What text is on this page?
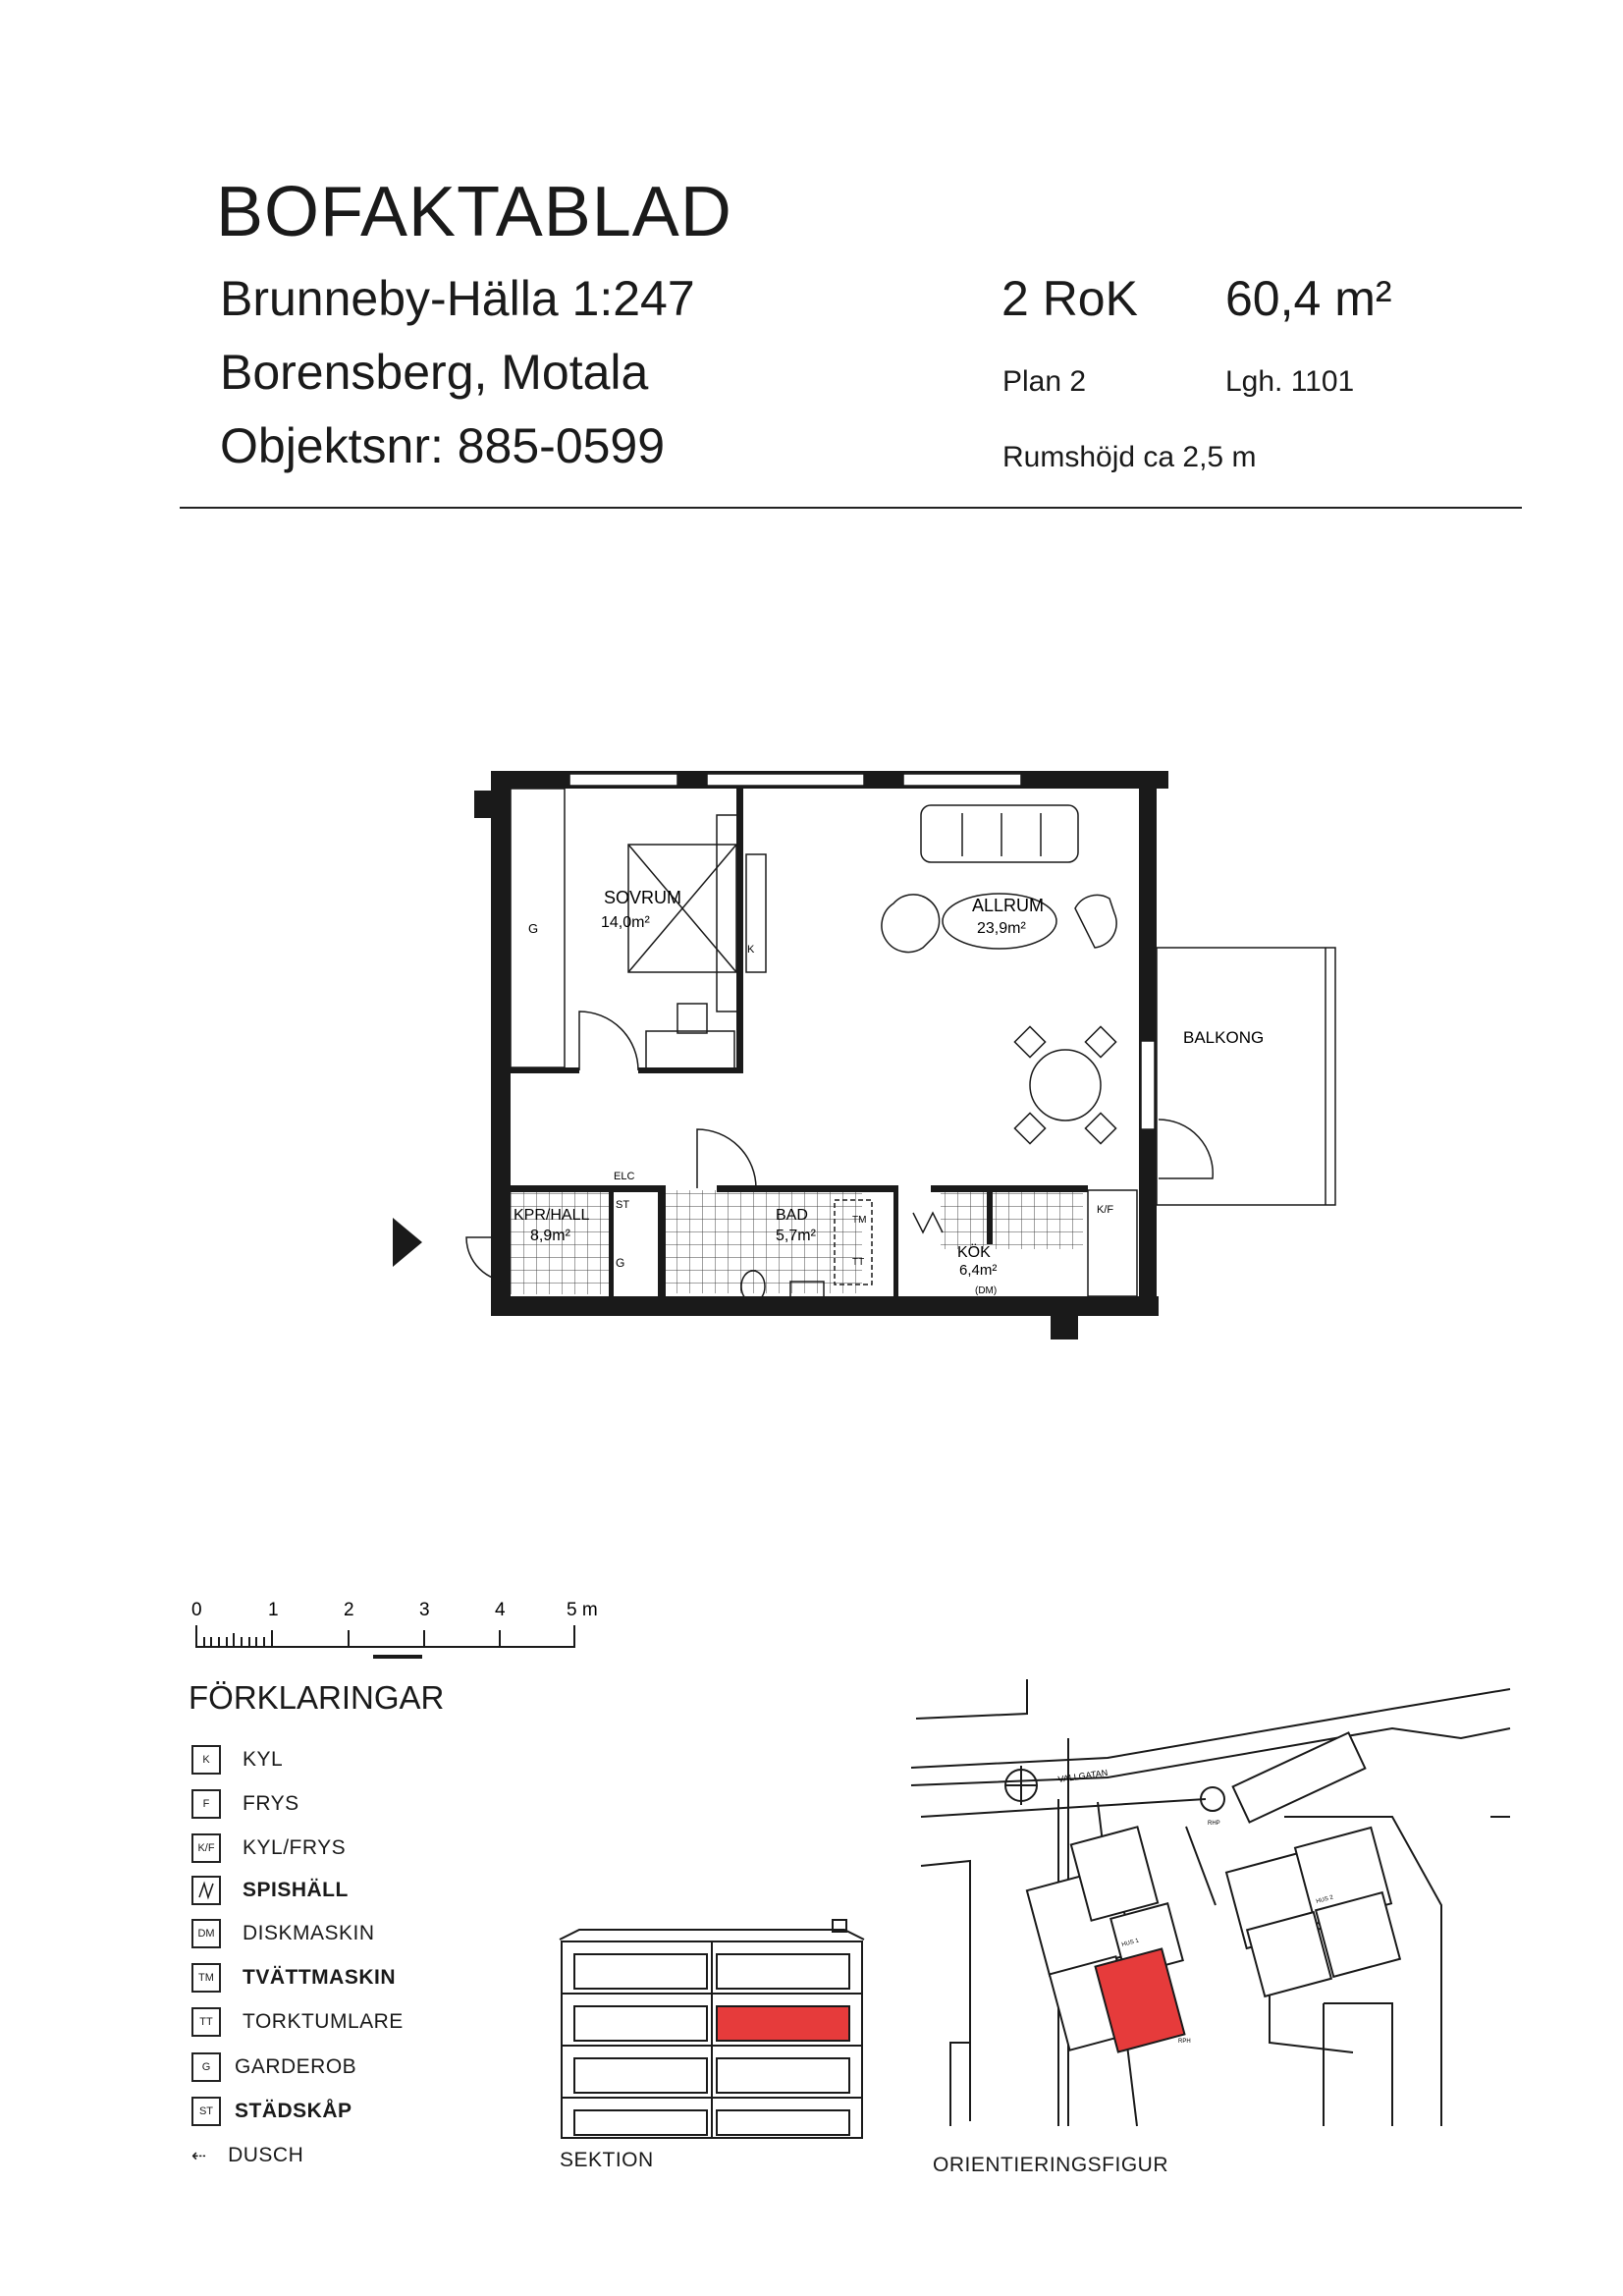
BOFAKTABLAD
Brunneby-Hälla 1:247
Borensberg, Motala
Objektsnr: 885-0599
2 RoK 60,4 m²
Plan 2	Lgh. 1101
Rumshöjd ca 2,5 m
G
SOVRUM
14,0m²
K
ALLRUM
23,9m²
BALKONG
KPR/HALL
8,9m²
ST
G
ELC
BAD
5,7m²
TM
TT
KÖK
6,4m²
K/F
(DM)
0	1	2	3	4	5 m
FÖRKLARINGAR
K	KYL
F	FRYS
K/F	KYL/FRYS
SPISHÄLL
DM	DISKMASKIN
TM	TVÄTTMASKIN
TT	TORKTUMLARE
G	GARDEROB
ST	STÄDSKÅP
⇠ DUSCH	SEKTION
VALLGATAN
HUS 1
HUS 2
RHP
RPH
ORIENTIERINGSFIGUR
